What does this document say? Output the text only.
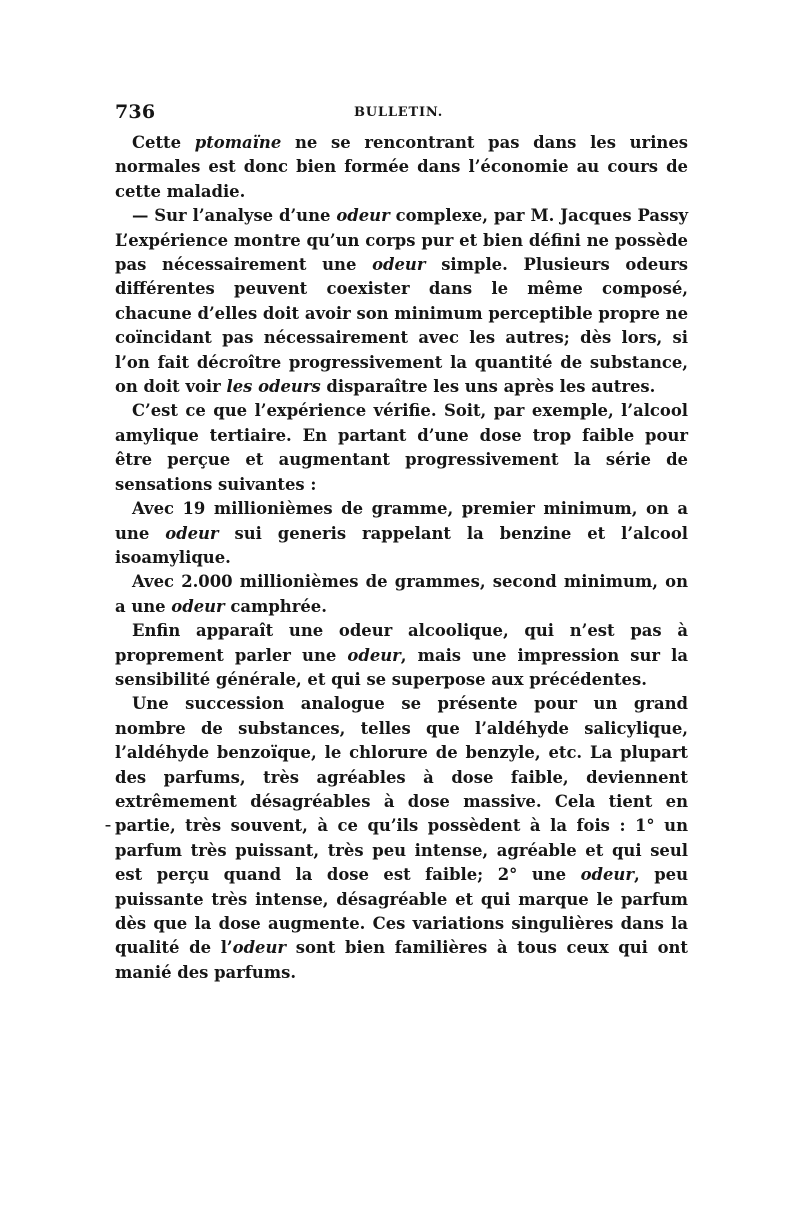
736	BULLETIN.

Cette ptomaïne ne se rencontrant pas dans les urines normales est donc bien formée dans l’économie au cours de cette maladie.

— Sur l’analyse d’une odeur complexe, par M. Jacques Passy L’expérience montre qu’un corps pur et bien défini ne possède pas nécessairement une odeur simple. Plusieurs odeurs différentes peuvent coexister dans le même composé, chacune d’elles doit avoir son minimum perceptible propre ne coïncidant pas nécessairement avec les autres; dès lors, si l’on fait décroître progressivement la quantité de substance, on doit voir les odeurs disparaître les uns après les autres.

C’est ce que l’expérience vérifie. Soit, par exemple, l’alcool amylique tertiaire. En partant d’une dose trop faible pour être perçue et augmentant progressivement la série de sensations suivantes :

Avec 19 millionièmes de gramme, premier minimum, on a une odeur sui generis rappelant la benzine et l’alcool isoamylique.

Avec 2.000 millionièmes de grammes, second minimum, on a une odeur camphrée.

Enfin apparaît une odeur alcoolique, qui n’est pas à proprement parler une odeur, mais une impression sur la sensibilité générale, et qui se superpose aux précédentes.

Une succession analogue se présente pour un grand nombre de substances, telles que l’aldéhyde salicylique, l’aldéhyde benzoïque, le chlorure de benzyle, etc. La plupart des parfums, très agréables à dose faible, deviennent extrêmement désagréables à dose massive. Cela tient en partie, très souvent, à ce qu’ils possèdent à la fois : 1° un parfum très puissant, très peu intense, agréable et qui seul est perçu quand la dose est faible; 2° une odeur, peu puissante très intense, désagréable et qui marque le parfum dès que la dose augmente. Ces variations singulières dans la qualité de l’odeur sont bien familières à tous ceux qui ont manié des parfums.

ˉ
